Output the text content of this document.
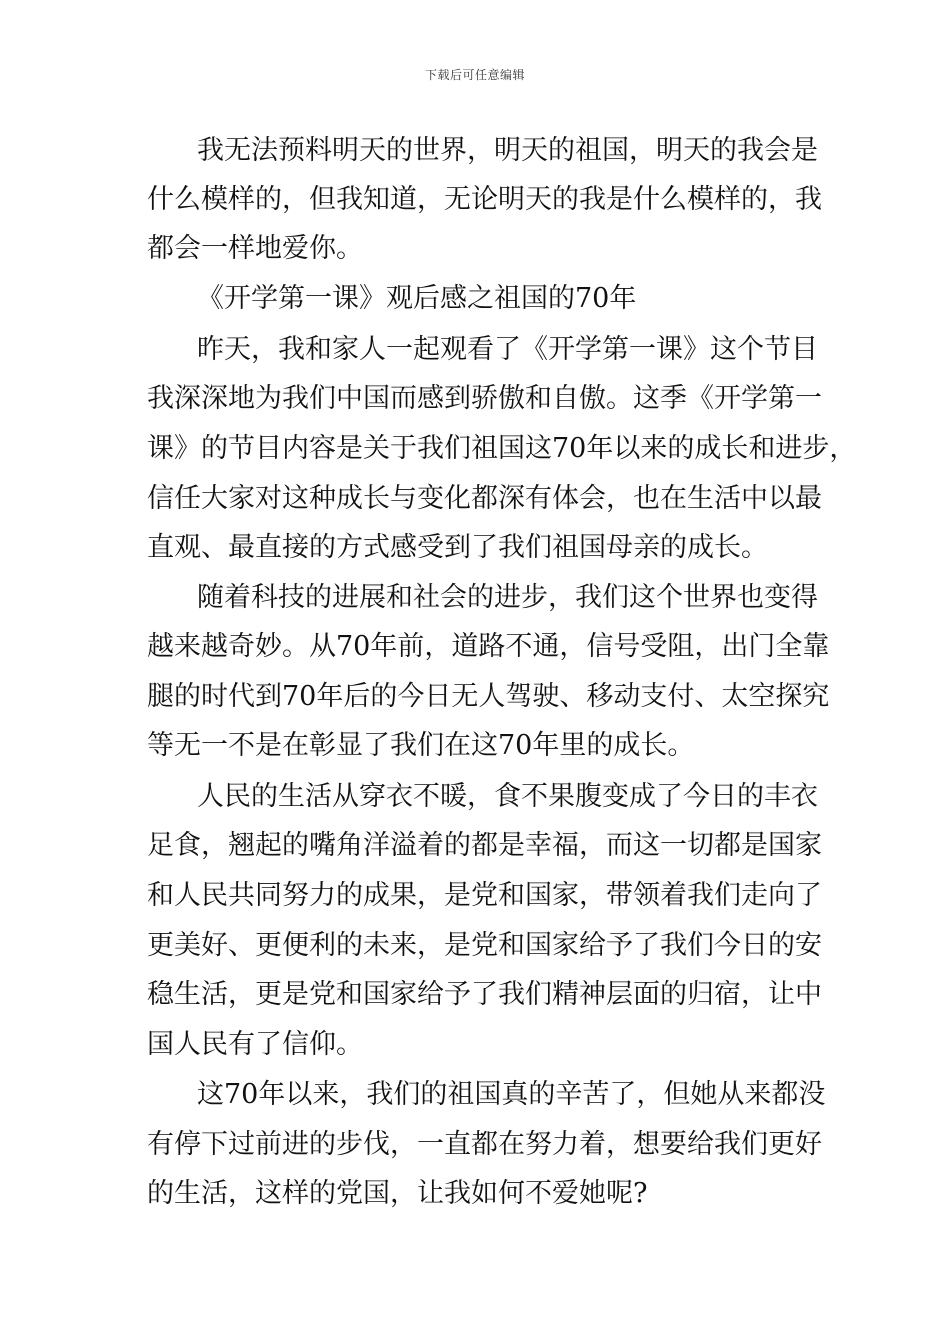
下载后可任意编辑
我无法预料明天的世界，明天的祖国，明天的我会是
什么模样的，但我知道，无论明天的我是什么模样的，我
都会一样地爱你。
《开学第一课》观后感之祖国的70年
昨天，我和家人一起观看了《开学第一课》这个节目
我深深地为我们中国而感到骄傲和自傲。这季《开学第一
课》的节目内容是关于我们祖国这70年以来的成长和进步，
信任大家对这种成长与变化都深有体会，也在生活中以最
直观、最直接的方式感受到了我们祖国母亲的成长。
随着科技的进展和社会的进步，我们这个世界也变得
越来越奇妙。从70年前，道路不通，信号受阻，出门全靠
腿的时代到70年后的今日无人驾驶、移动支付、太空探究
等无一不是在彰显了我们在这70年里的成长。
人民的生活从穿衣不暖，食不果腹变成了今日的丰衣
足食，翘起的嘴角洋溢着的都是幸福，而这一切都是国家
和人民共同努力的成果，是党和国家，带领着我们走向了
更美好、更便利的未来，是党和国家给予了我们今日的安
稳生活，更是党和国家给予了我们精神层面的归宿，让中
国人民有了信仰。
这70年以来，我们的祖国真的辛苦了，但她从来都没
有停下过前进的步伐，一直都在努力着，想要给我们更好
的生活，这样的党国，让我如何不爱她呢?
